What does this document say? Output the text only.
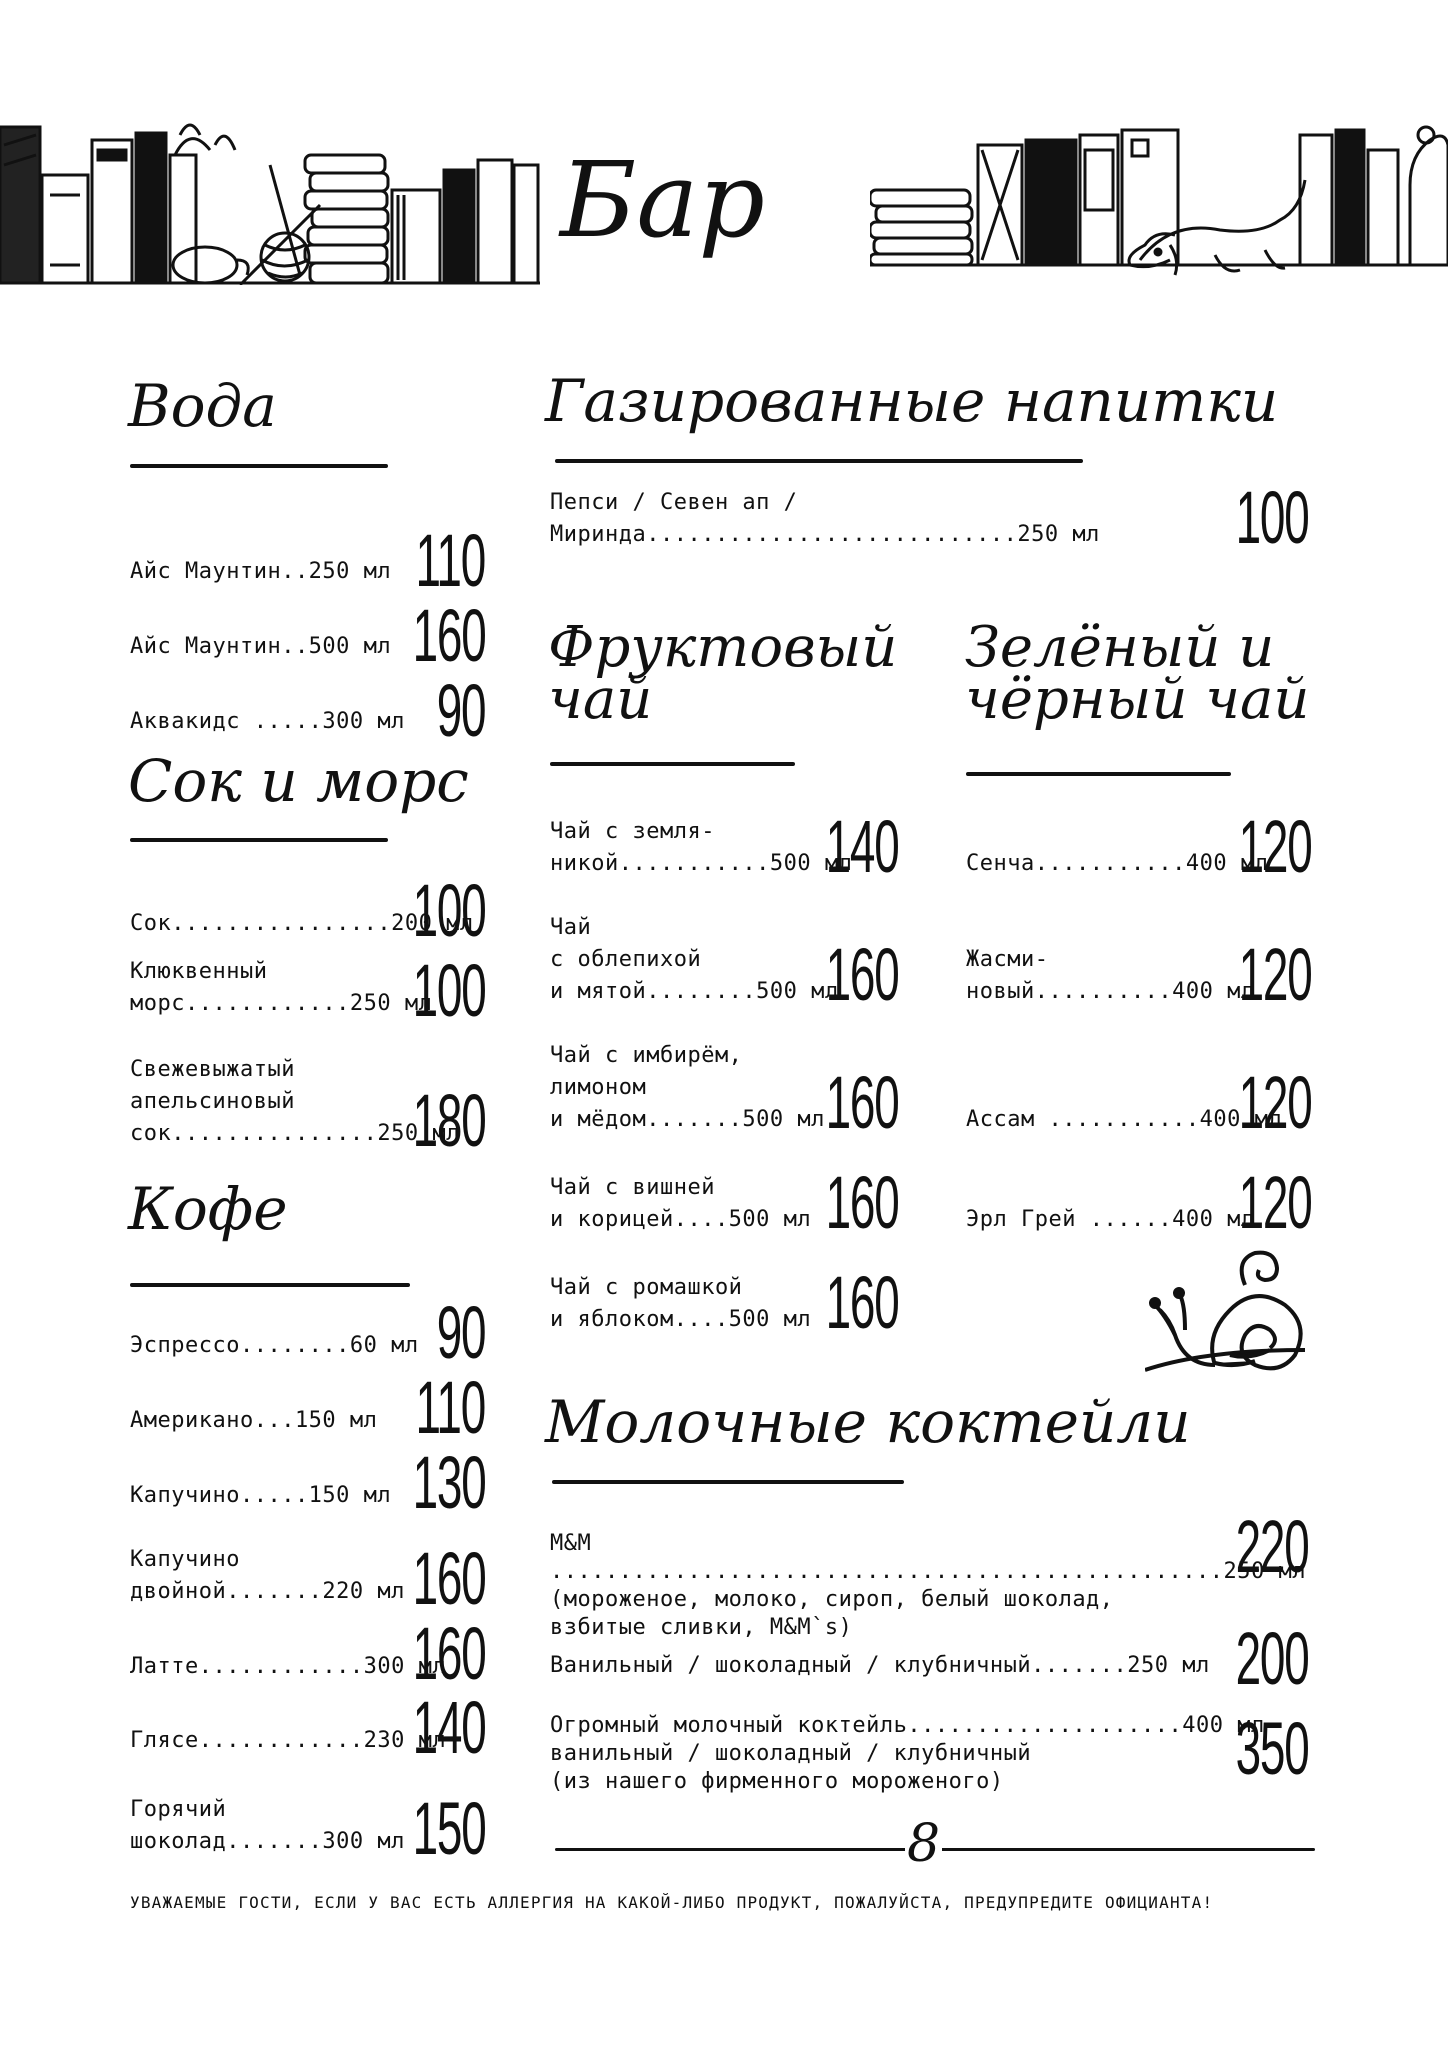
Бар
Вода
Айс Маунтин..250 мл 110
Айс Маунтин..500 мл 160
Аквакидс .....300 мл 90
Сок и морс
Сок................200 мл
100
Клюквенный
морс............250 мл
100
Свежевыжатый
апельсиновый
сок...............250 мл
180
Кофе
Эспрессо........60 мл 90
Американо...150 мл 110
Капучино.....150 мл 130
Капучино
двойной.......220 мл 160
Латте............300 мл
160
Глясе............230 мл
140
Горячий
шоколад.......300 мл 150
Газированные напитки
Пепси / Севен ап / Миринда...........................250 мл	100
Фруктовый
чай
Чай с земля-
никой...........500 мл
140
Чай
с облепихой
и мятой........500 мл
160
Чай с имбирём,
лимоном
и мёдом.......500 мл 160
Чай с вишней
и корицей....500 мл 160
Чай с ромашкой
и яблоком....500 мл 160
Зелёный и
чёрный чай
Сенча...........400 мл
120
Жасми-
новый..........400 мл
120
Ассам ...........400 мл
120
Эрл Грей ......400 мл
120
Молочные коктейли
M&M .................................................250 мл
(мороженое, молоко, сироп, белый шоколад,
взбитые сливки, M&M`s)
220
Ванильный / шоколадный / клубничный.......250 мл 200
Огромный молочный коктейль....................400 мл
ванильный / шоколадный / клубничный
(из нашего фирменного мороженого)	350
8
УВАЖАЕМЫЕ ГОСТИ, ЕСЛИ У ВАС ЕСТЬ АЛЛЕРГИЯ НА КАКОЙ-ЛИБО ПРОДУКТ, ПОЖАЛУЙСТА, ПРЕДУПРЕДИТЕ ОФИЦИАНТА!
